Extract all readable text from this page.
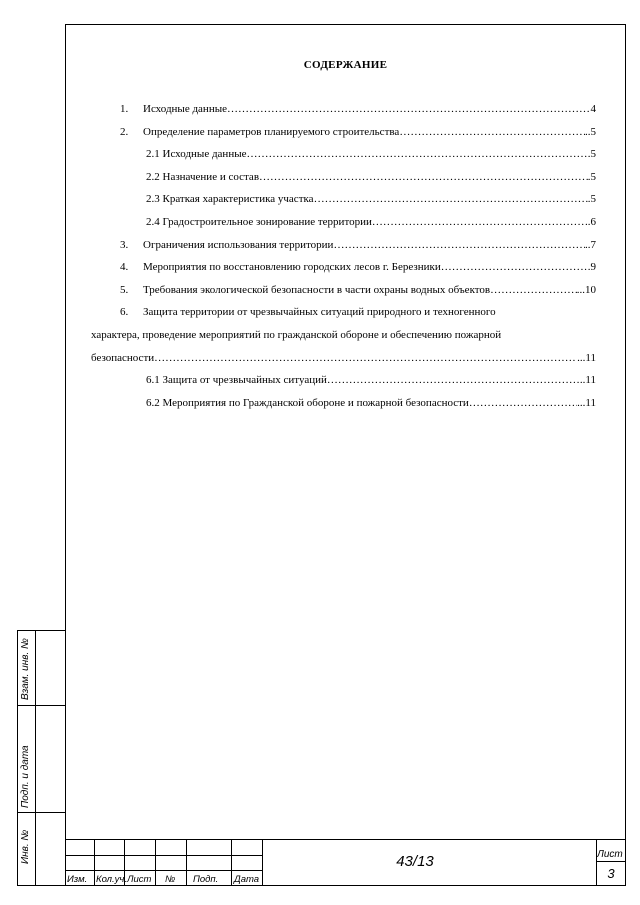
Взам. инв. №
Подп. и дата
Инв. №
Изм. Кол.уч. Лист № Подп. Дата
Лист
43/13
3
СОДЕРЖАНИЕ
1.	Исходные данные …………………………………………………………………………………………………………………………………………………	4
2.	Определение параметров планируемого строительства …………………………………………………………………………………………………………………………………………………	..5
2.1 Исходные данные …………………………………………………………………………………………………………………………………………………	.5
2.2 Назначение и состав …………………………………………………………………………………………………………………………………………………	.5
2.3 Краткая характеристика участка …………………………………………………………………………………………………………………………………………………	.5
2.4 Градостроительное зонирование территории …………………………………………………………………………………………………………………………………………………	.6
3.	Ограничения использования территории …………………………………………………………………………………………………………………………………………………	..7
4.	Мероприятия по восстановлению городских лесов г. Березники …………………………………………………………………………………………………………………………………………………	.9
5.	Требования экологической безопасности в части охраны водных объектов …………………………………………………………………………………………………………………………………………………	...10
6.	Защита территории от чрезвычайных ситуаций природного и техногенного
характера, проведение мероприятий по гражданской обороне и обеспечению пожарной
безопасности …………………………………………………………………………………………………………………………………………………	...11
6.1 Защита от чрезвычайных ситуаций …………………………………………………………………………………………………………………………………………………	..11
6.2 Мероприятия по Гражданской обороне и пожарной безопасности …………………………………………………………………………………………………………………………………………………	...11
